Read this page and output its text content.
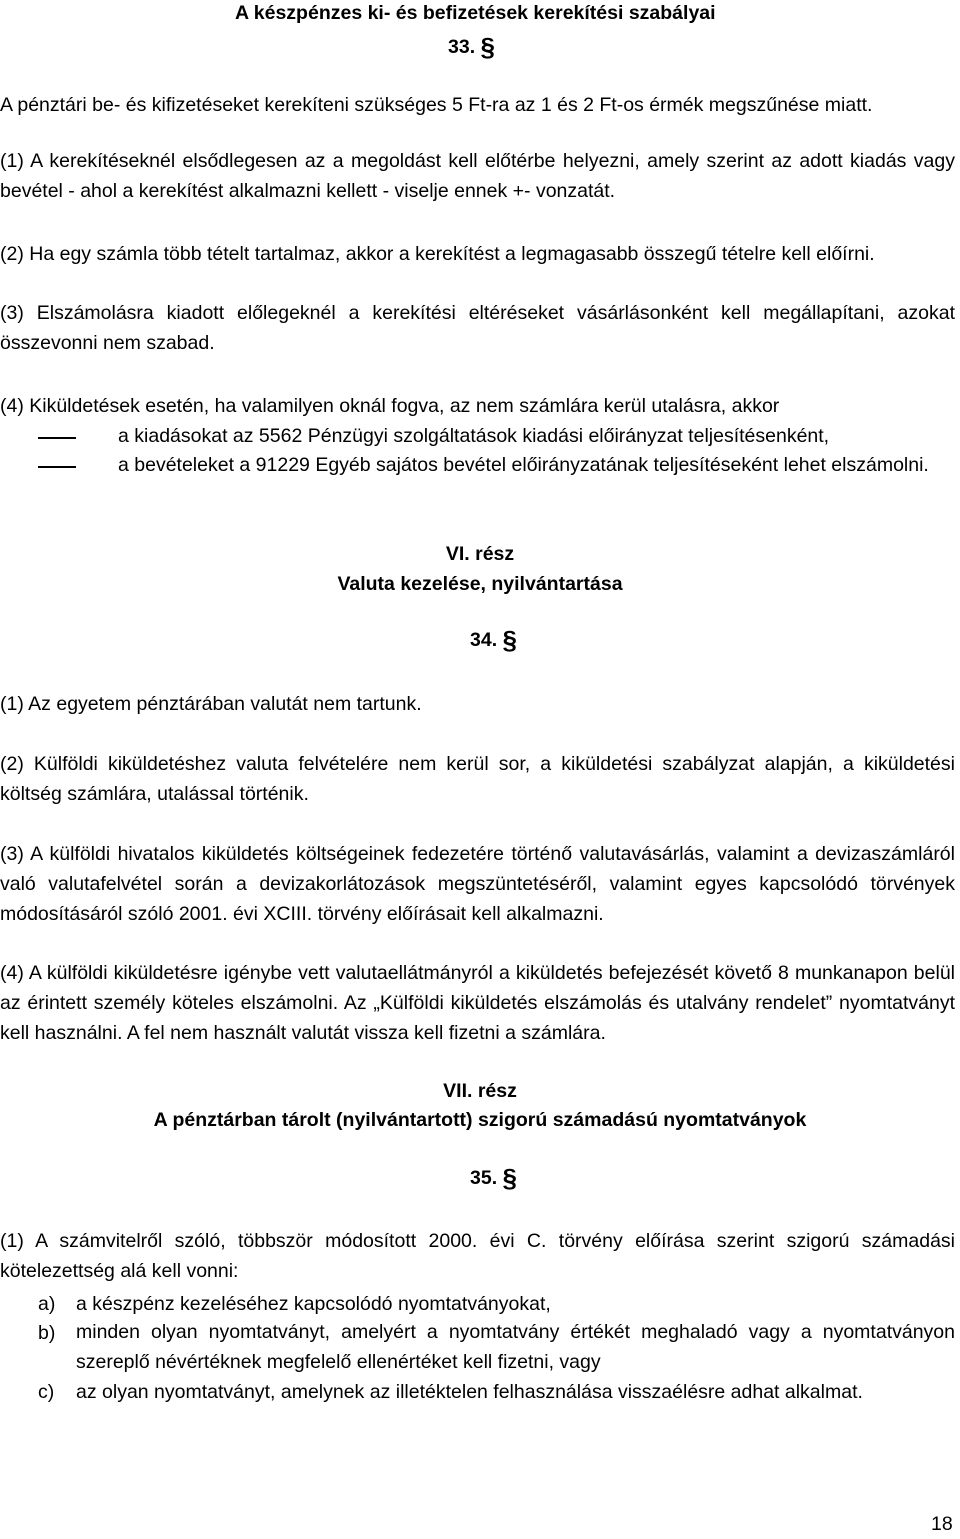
A készpénzes ki- és befizetések kerekítési szabályai
33. §
A pénztári be- és kifizetéseket kerekíteni szükséges 5 Ft-ra az 1 és 2 Ft-os érmék megszűnése miatt.
(1) A kerekítéseknél elsődlegesen az a megoldást kell előtérbe helyezni, amely szerint az adott kiadás vagy bevétel - ahol a kerekítést alkalmazni kellett - viselje ennek +- vonzatát.
(2) Ha egy számla több tételt tartalmaz, akkor a kerekítést a legmagasabb összegű tételre kell előírni.
(3) Elszámolásra kiadott előlegeknél a kerekítési eltéréseket vásárlásonként kell megállapítani, azokat összevonni nem szabad.
(4) Kiküldetések esetén, ha valamilyen oknál fogva, az nem számlára kerül utalásra, akkor
a kiadásokat az 5562 Pénzügyi szolgáltatások kiadási előirányzat teljesítésenként,
a bevételeket a 91229 Egyéb sajátos bevétel előirányzatának teljesítéseként lehet elszámolni.
VI. rész
Valuta kezelése, nyilvántartása
34. §
(1) Az egyetem pénztárában valutát nem tartunk.
(2) Külföldi kiküldetéshez valuta felvételére nem kerül sor, a kiküldetési szabályzat alapján, a kiküldetési költség számlára, utalással történik.
(3) A külföldi hivatalos kiküldetés költségeinek fedezetére történő valutavásárlás, valamint a devizaszámláról való valutafelvétel során a devizakorlátozások megszüntetéséről, valamint egyes kapcsolódó törvények módosításáról szóló 2001. évi XCIII. törvény előírásait kell alkalmazni.
(4) A külföldi kiküldetésre igénybe vett valutaellátmányról a kiküldetés befejezését követő 8 munkanapon belül az érintett személy köteles elszámolni. Az „Külföldi kiküldetés elszámolás és utalvány rendelet” nyomtatványt kell használni. A fel nem használt valutát vissza kell fizetni a számlára.
VII. rész
A pénztárban tárolt (nyilvántartott) szigorú számadású nyomtatványok
35. §
(1) A számvitelről szóló, többször módosított 2000. évi C. törvény előírása szerint szigorú számadási kötelezettség alá kell vonni:
a) a készpénz kezeléséhez kapcsolódó nyomtatványokat,
b) minden olyan nyomtatványt, amelyért a nyomtatvány értékét meghaladó vagy a nyomtatványon szereplő névértéknek megfelelő ellenértéket kell fizetni, vagy
c) az olyan nyomtatványt, amelynek az illetéktelen felhasználása visszaélésre adhat alkalmat.
18
